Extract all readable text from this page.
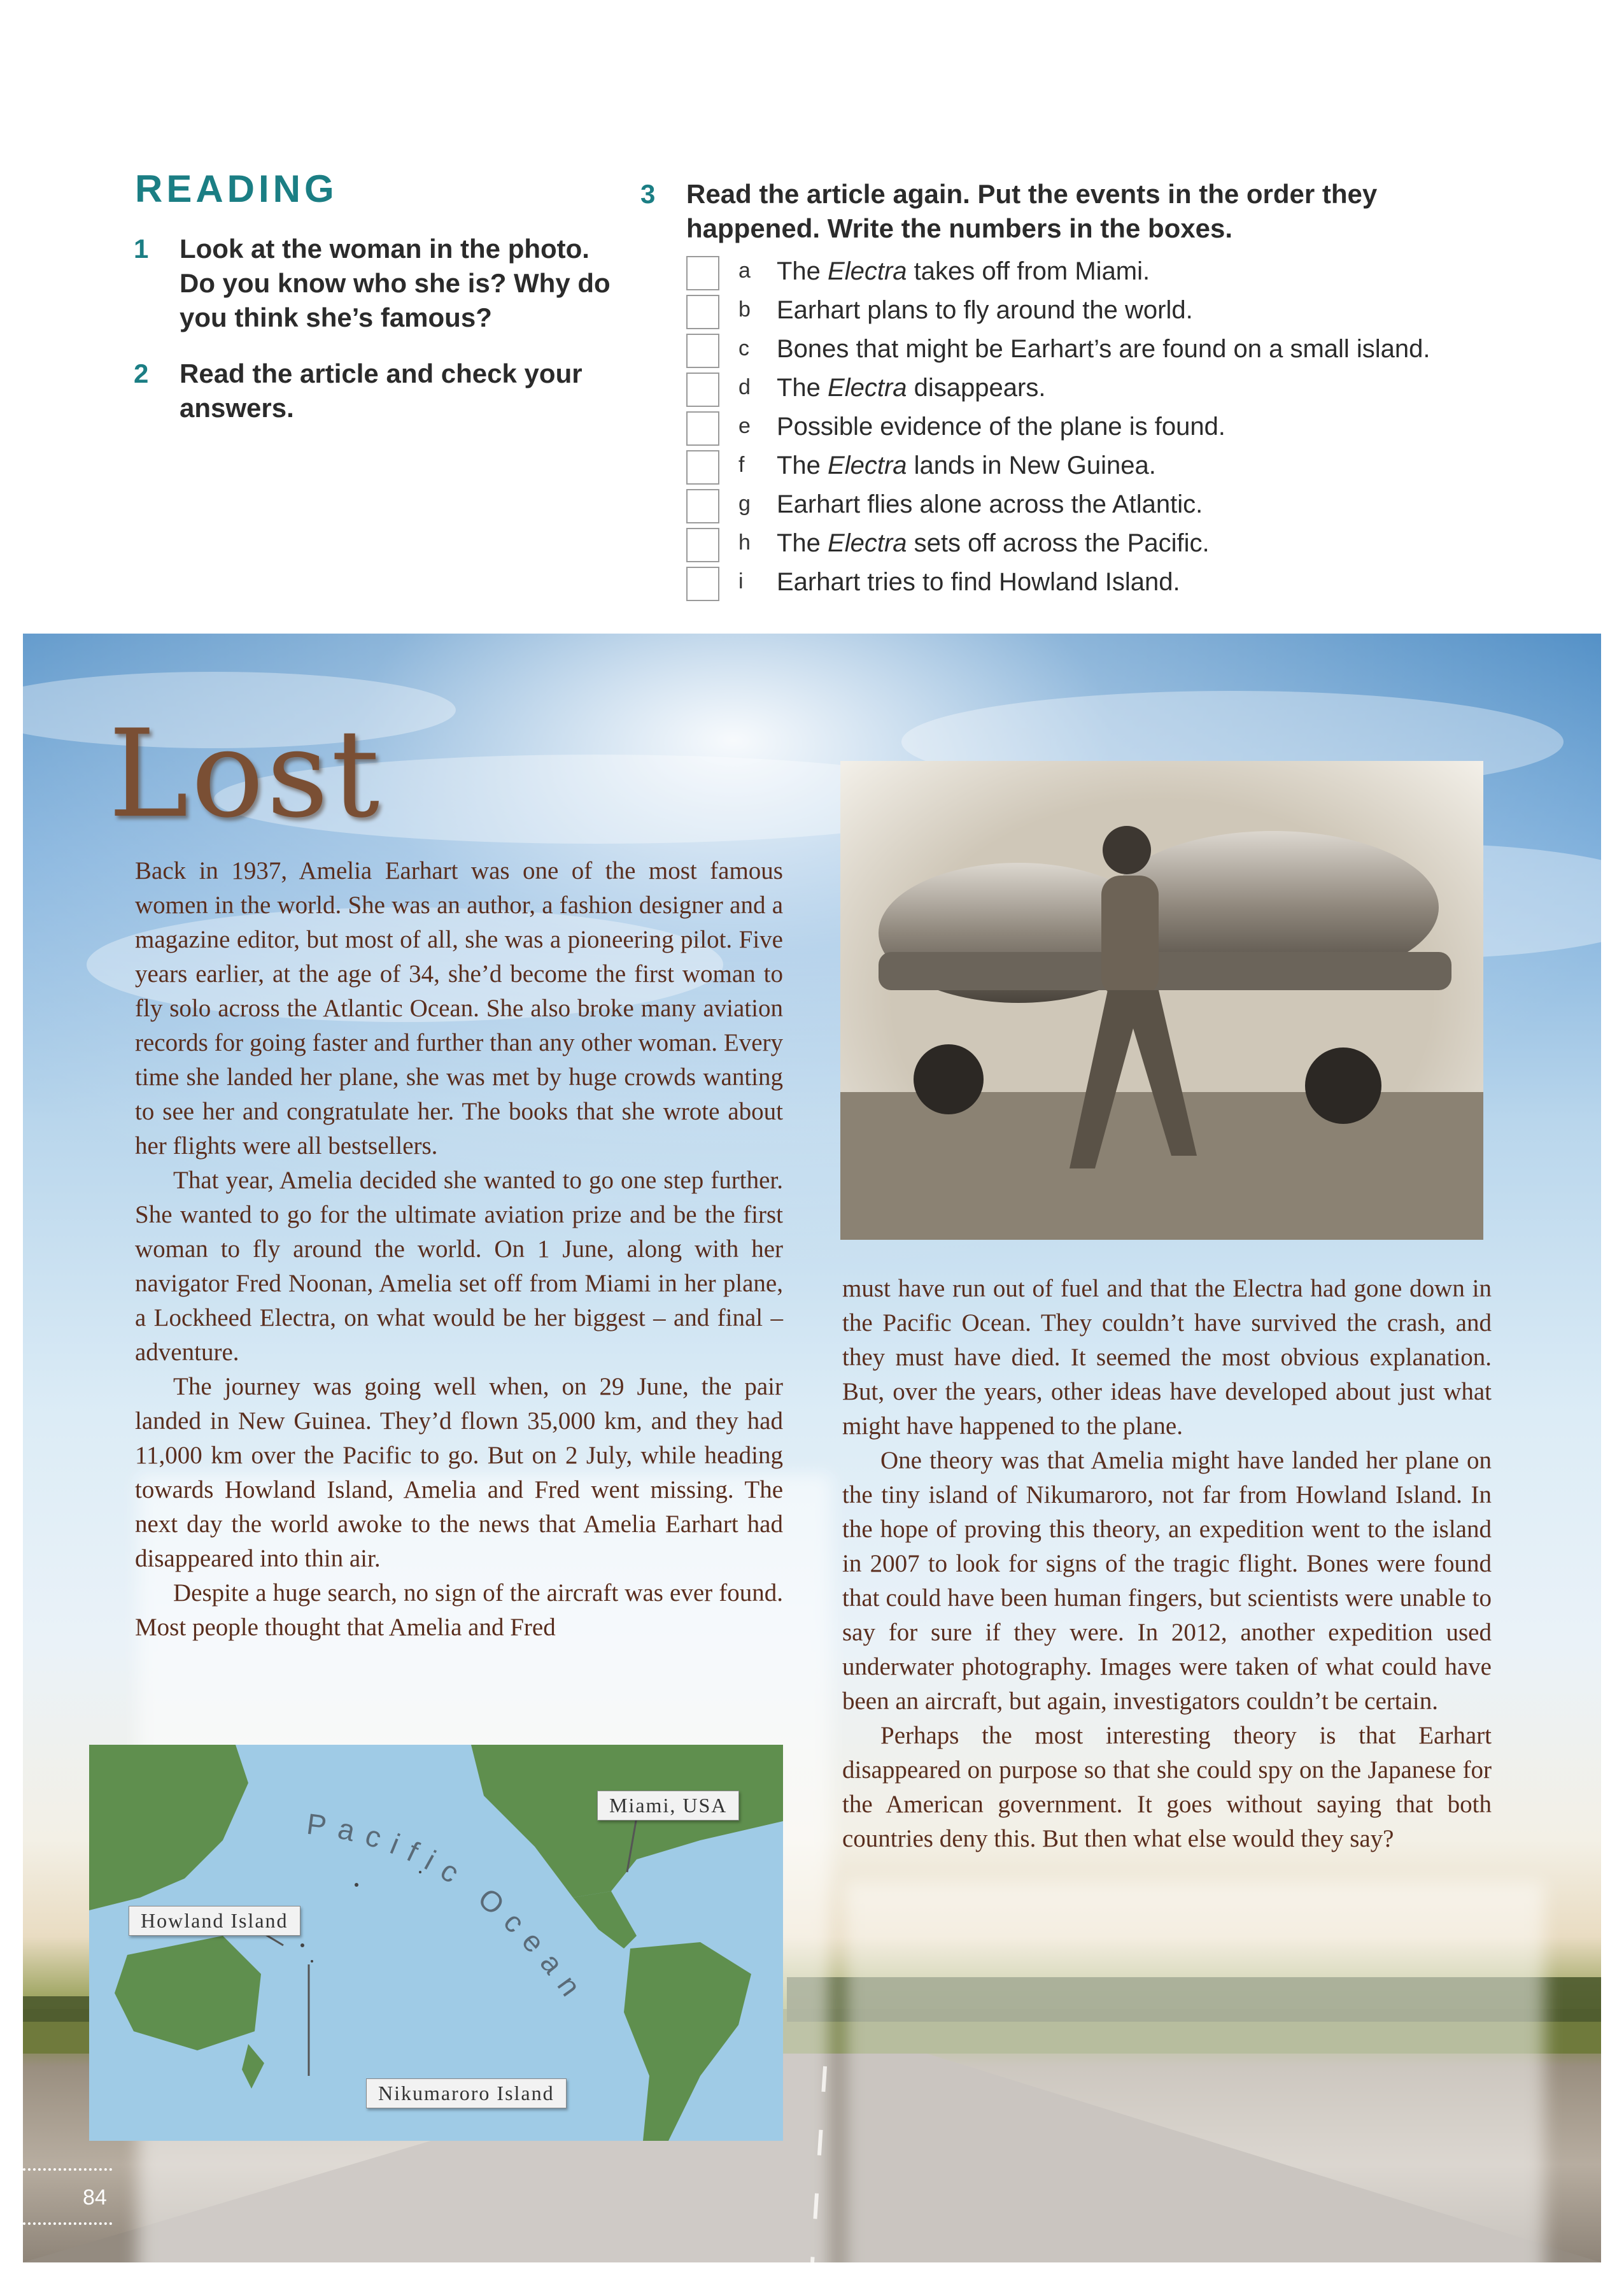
READING
1 Look at the woman in the photo. Do you know who she is? Why do you think she’s famous?
2 Read the article and check your answers.
3 Read the article again. Put the events in the order they happened. Write the numbers in the boxes.
a The Electra takes off from Miami.
b Earhart plans to fly around the world.
c Bones that might be Earhart’s are found on a small island.
d The Electra disappears.
e Possible evidence of the plane is found.
f The Electra lands in New Guinea.
g Earhart flies alone across the Atlantic.
h The Electra sets off across the Pacific.
i Earhart tries to find Howland Island.
Lost

Back in 1937, Amelia Earhart was one of the most famous women in the world. She was an author, a fashion designer and a magazine editor, but most of all, she was a pioneering pilot. Five years earlier, at the age of 34, she’d become the first woman to fly solo across the Atlantic Ocean. She also broke many aviation records for going faster and further than any other woman. Every time she landed her plane, she was met by huge crowds wanting to see her and congratulate her. The books that she wrote about her flights were all bestsellers.

That year, Amelia decided she wanted to go one step further. She wanted to go for the ultimate aviation prize and be the first woman to fly around the world. On 1 June, along with her navigator Fred Noonan, Amelia set off from Miami in her plane, a Lockheed Electra, on what would be her biggest – and final – adventure.

The journey was going well when, on 29 June, the pair landed in New Guinea. They’d flown 35,000 km, and they had 11,000 km over the Pacific to go. But on 2 July, while heading towards Howland Island, Amelia and Fred went missing. The next day the world awoke to the news that Amelia Earhart had disappeared into thin air.

Despite a huge search, no sign of the aircraft was ever found. Most people thought that Amelia and Fred

must have run out of fuel and that the Electra had gone down in the Pacific Ocean. They couldn’t have survived the crash, and they must have died. It seemed the most obvious explanation. But, over the years, other ideas have developed about just what might have happened to the plane.

One theory was that Amelia might have landed her plane on the tiny island of Nikumaroro, not far from Howland Island. In the hope of proving this theory, an expedition went to the island in 2007 to look for signs of the tragic flight. Bones were found that could have been human fingers, but scientists were unable to say for sure if they were. In 2012, another expedition used underwater photography. Images were taken of what could have been an aircraft, but again, investigators couldn’t be certain.

Perhaps the most interesting theory is that Earhart disappeared on purpose so that she could spy on the Japanese for the American government. It goes without saying that both countries deny this. But then what else would they say?

Pacific Ocean
Miami, USA
Howland Island
Nikumaroro Island
84
